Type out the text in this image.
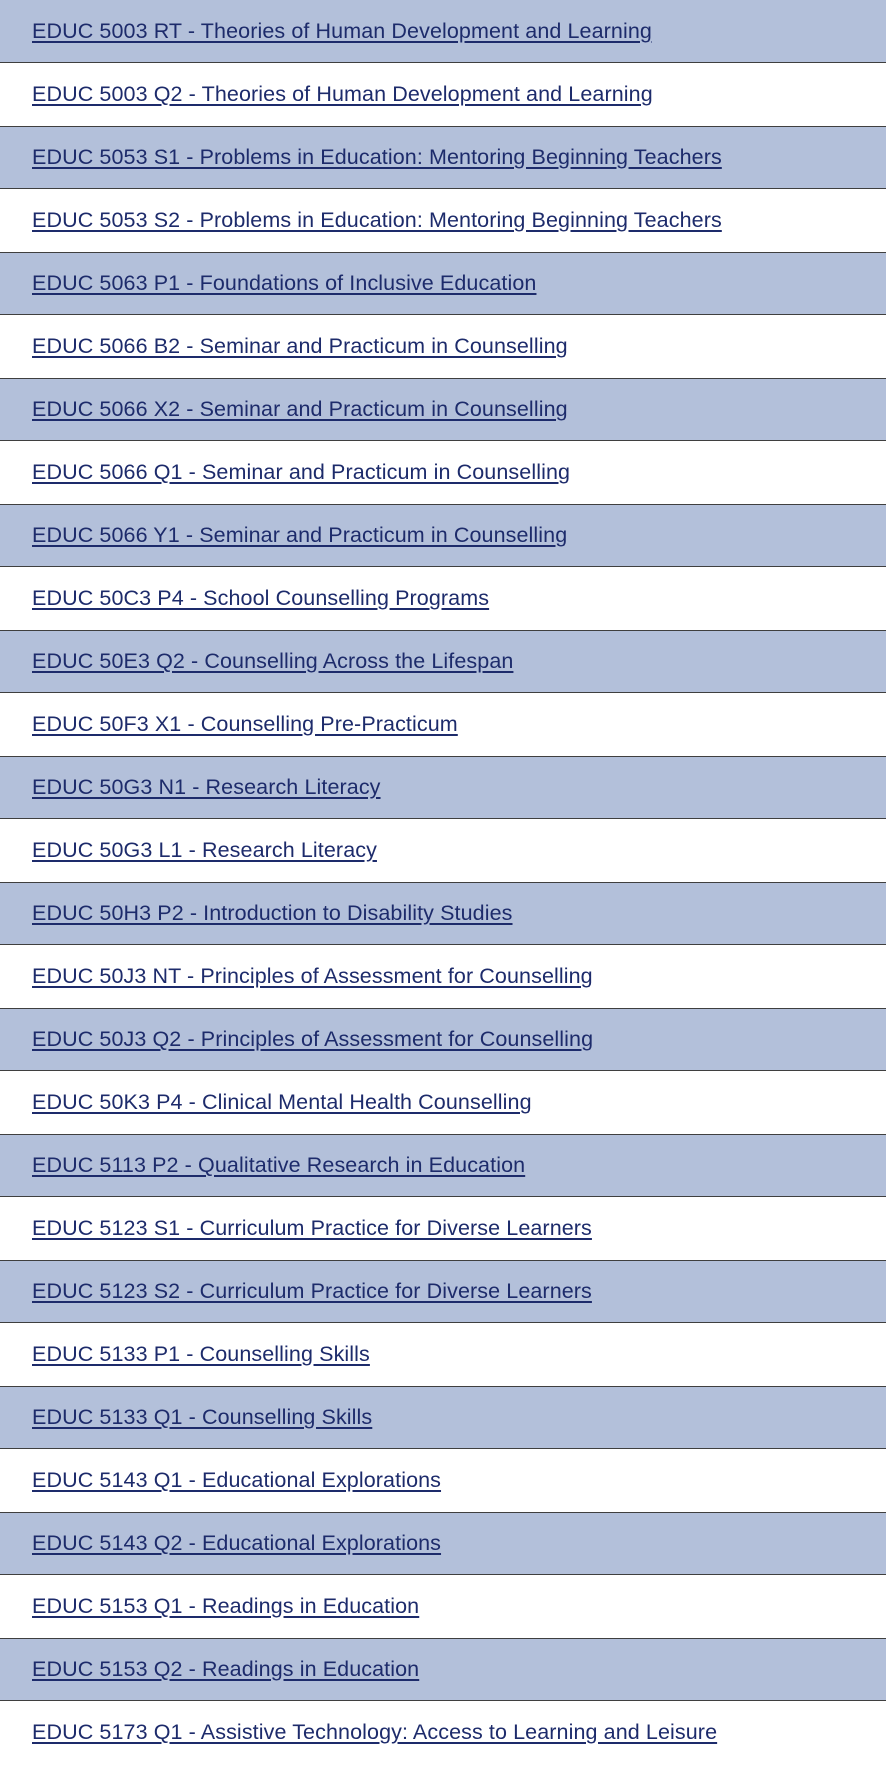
EDUC 5003 RT - Theories of Human Development and Learning
EDUC 5003 Q2 - Theories of Human Development and Learning
EDUC 5053 S1 - Problems in Education: Mentoring Beginning Teachers
EDUC 5053 S2 - Problems in Education: Mentoring Beginning Teachers
EDUC 5063 P1 - Foundations of Inclusive Education
EDUC 5066 B2 - Seminar and Practicum in Counselling
EDUC 5066 X2 - Seminar and Practicum in Counselling
EDUC 5066 Q1 - Seminar and Practicum in Counselling
EDUC 5066 Y1 - Seminar and Practicum in Counselling
EDUC 50C3 P4 - School Counselling Programs
EDUC 50E3 Q2 - Counselling Across the Lifespan
EDUC 50F3 X1 - Counselling Pre-Practicum
EDUC 50G3 N1 - Research Literacy
EDUC 50G3 L1 - Research Literacy
EDUC 50H3 P2 - Introduction to Disability Studies
EDUC 50J3 NT - Principles of Assessment for Counselling
EDUC 50J3 Q2 - Principles of Assessment for Counselling
EDUC 50K3 P4 - Clinical Mental Health Counselling
EDUC 5113 P2 - Qualitative Research in Education
EDUC 5123 S1 - Curriculum Practice for Diverse Learners
EDUC 5123 S2 - Curriculum Practice for Diverse Learners
EDUC 5133 P1 - Counselling Skills
EDUC 5133 Q1 - Counselling Skills
EDUC 5143 Q1 - Educational Explorations
EDUC 5143 Q2 - Educational Explorations
EDUC 5153 Q1 - Readings in Education
EDUC 5153 Q2 - Readings in Education
EDUC 5173 Q1 - Assistive Technology: Access to Learning and Leisure
